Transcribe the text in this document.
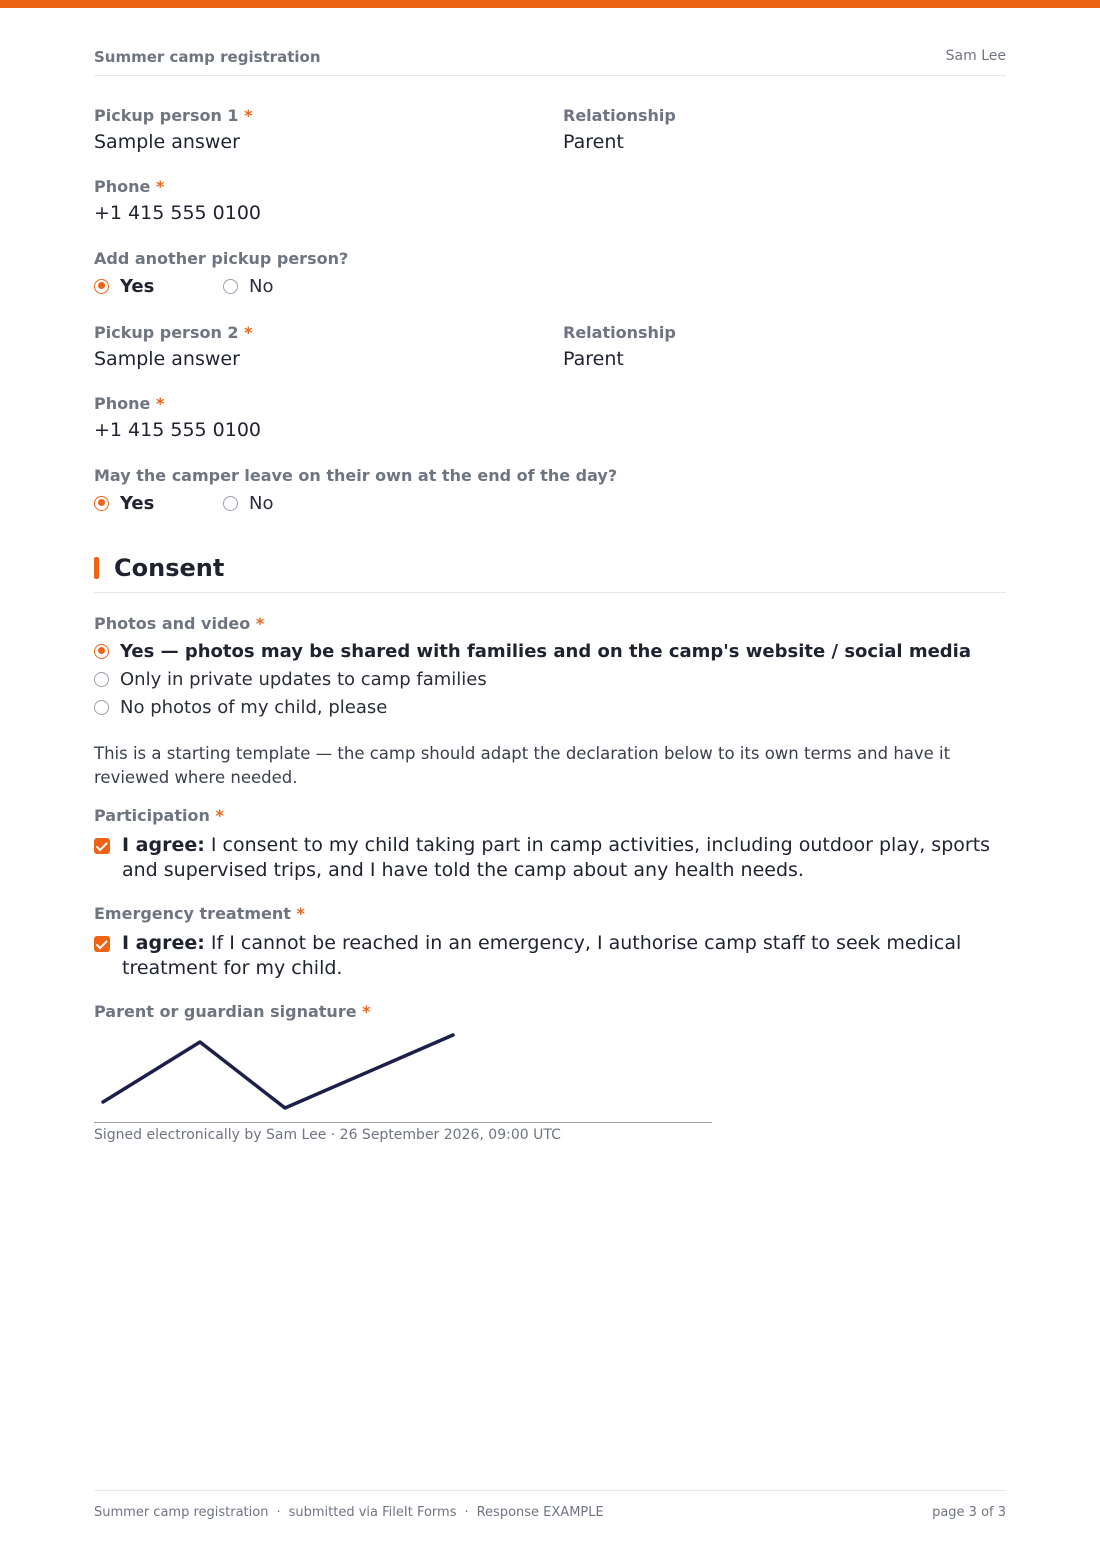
Summer camp registration	Sam Lee
Pickup person 1 *
Sample answer
Relationship
Parent
Phone *
+1 415 555 0100
Add another pickup person?
Yes	No
Pickup person 2 *
Sample answer
Relationship
Parent
Phone *
+1 415 555 0100
May the camper leave on their own at the end of the day?
Yes	No
Consent
Photos and video *
Yes — photos may be shared with families and on the camp's website / social media
Only in private updates to camp families
No photos of my child, please
This is a starting template — the camp should adapt the declaration below to its own terms and have it reviewed where needed.
Participation *
I agree: I consent to my child taking part in camp activities, including outdoor play, sports and supervised trips, and I have told the camp about any health needs.
Emergency treatment *
I agree: If I cannot be reached in an emergency, I authorise camp staff to seek medical treatment for my child.
Parent or guardian signature *
Signed electronically by Sam Lee · 26 September 2026, 09:00 UTC
Summer camp registration · submitted via FileIt Forms · Response EXAMPLE	page 3 of 3
